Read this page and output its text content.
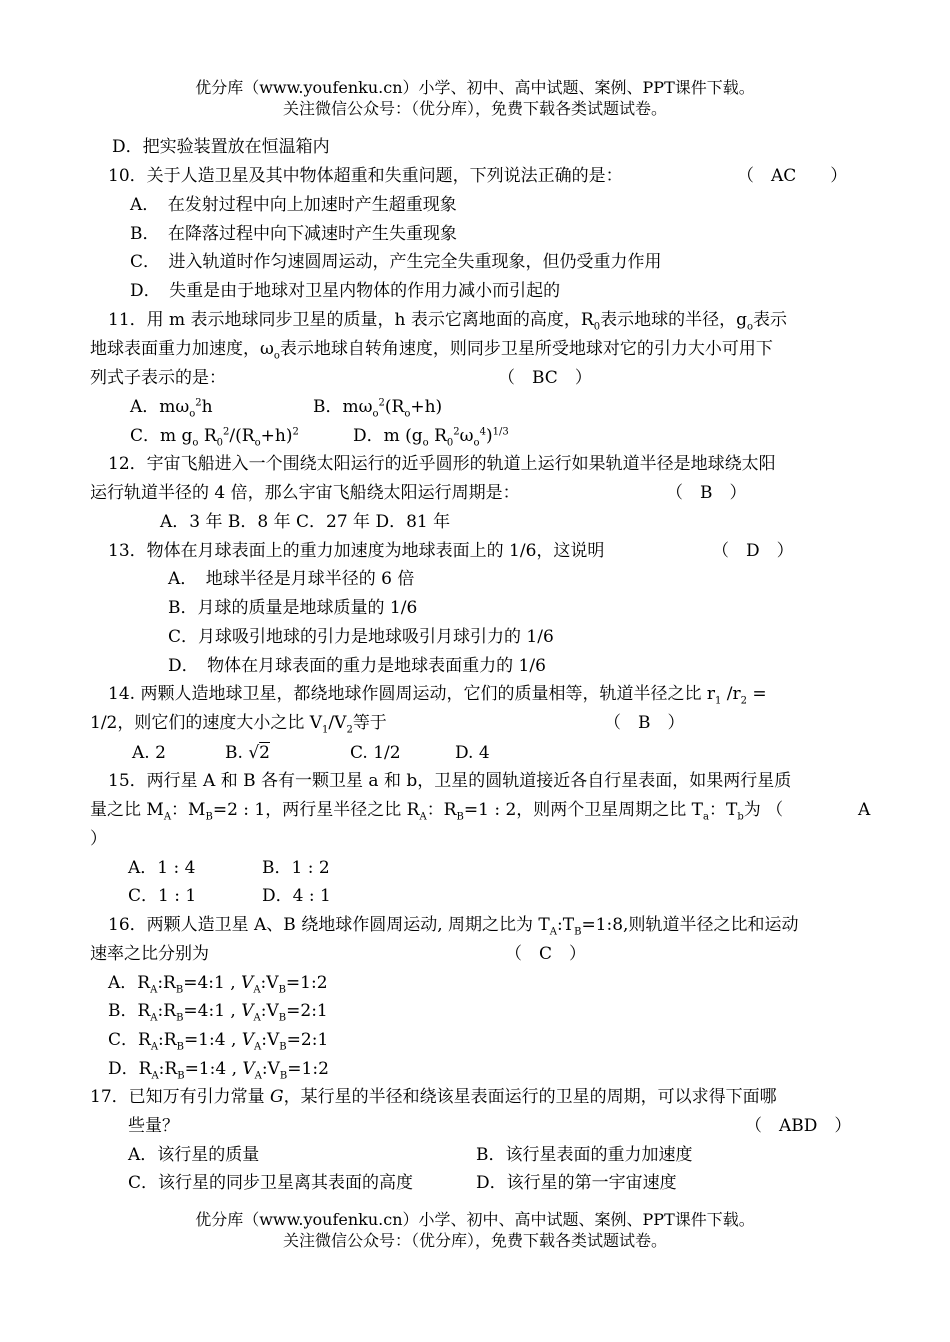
优分库（www.youfenku.cn）小学、初中、高中试题、案例、PPT课件下载。
关注微信公众号：（优分库），免费下载各类试题试卷。
D．把实验装置放在恒温箱内
10．关于人造卫星及其中物体超重和失重问题，下列说法正确的是：	（　AC　　）
A．　在发射过程中向上加速时产生超重现象
B．　在降落过程中向下减速时产生失重现象
C．　进入轨道时作匀速圆周运动，产生完全失重现象，但仍受重力作用
D．　失重是由于地球对卫星内物体的作用力减小而引起的
11．用 m 表示地球同步卫星的质量，h 表示它离地面的高度，$R_0$表示地球的半径，$g_o$表示
地球表面重力加速度，$\omega_o$表示地球自转角速度，则同步卫星所受地球对它的引力大小可用下
列式子表示的是：	（　BC　）
A．$m\omega_o^2h$	B．$m\omega_o^2(R_o+h)$
C．m $g_o$ $R_0^2/(R_o+h)^2$	D．m ($g_o$ $R_0^2\omega_o^4)^{1/3}$
12．宇宙飞船进入一个围绕太阳运行的近乎圆形的轨道上运行如果轨道半径是地球绕太阳
运行轨道半径的 4 倍，那么宇宙飞船绕太阳运行周期是：	（　B　）
A．3 年 B．8 年 C．27 年 D．81 年
13．物体在月球表面上的重力加速度为地球表面上的 1/6，这说明	（　D　）
A．　地球半径是月球半径的 6 倍
B．月球的质量是地球质量的 1/6
C．月球吸引地球的引力是地球吸引月球引力的 1/6
D．　物体在月球表面的重力是地球表面重力的 1/6
14. 两颗人造地球卫星，都绕地球作圆周运动，它们的质量相等，轨道半径之比 $r_1$ $/r_2$ =
1/2，则它们的速度大小之比 $V_1/V_2$等于	（　B　）
A. 2	B. √2	C. 1/2	D. 4
15．两行星 A 和 B 各有一颗卫星 a 和 b，卫星的圆轨道接近各自行星表面，如果两行星质
量之比 $M_A$：$M_B=2$ : 1，两行星半径之比 $R_A$：$R_B=1$ : 2，则两个卫星周期之比 $T_a$：$T_b$为 （	A
）
A．1 : 4	B．1 : 2
C．1 : 1	D．4 : 1
16．两颗人造卫星 A、B 绕地球作圆周运动, 周期之比为 $T_A:T_B=1:8$,则轨道半径之比和运动
速率之比分别为	（　C　）
A．$R_A:R_B=4:1$ , $V_A:V_B=1:2$
B．$R_A:R_B=4:1$ , $V_A:V_B=2:1$
C．$R_A:R_B=1:4$ , $V_A:V_B=2:1$
D．$R_A:R_B=1:4$ , $V_A:V_B=1:2$
17．已知万有引力常量 G，某行星的半径和绕该星表面运行的卫星的周期，可以求得下面哪
些量？	（　ABD　）
A．该行星的质量	B．该行星表面的重力加速度
C．该行星的同步卫星离其表面的高度	D．该行星的第一宇宙速度
优分库（www.youfenku.cn）小学、初中、高中试题、案例、PPT课件下载。
关注微信公众号：（优分库），免费下载各类试题试卷。
